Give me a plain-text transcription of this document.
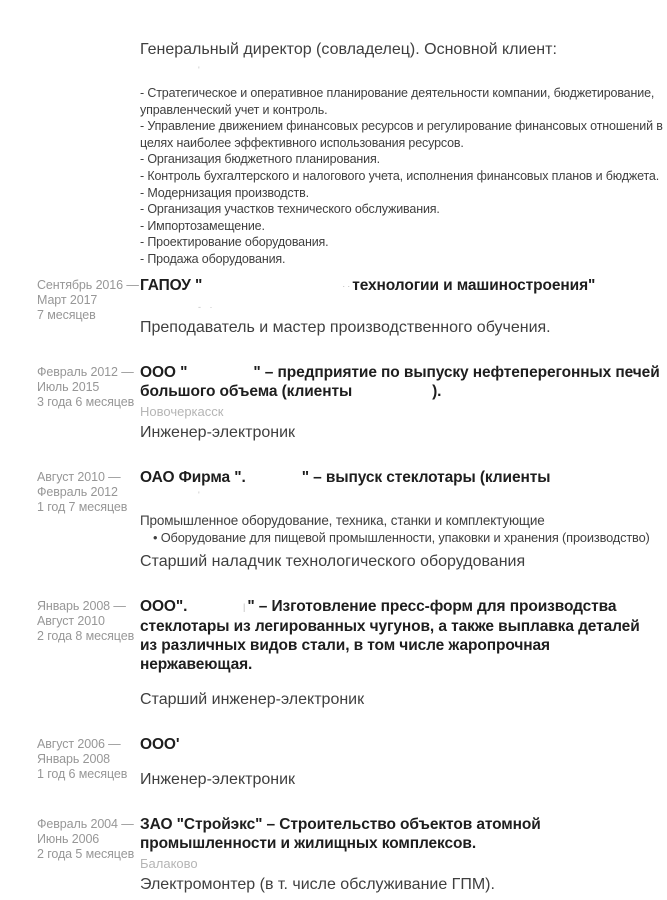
Генеральный директор (совладелец). Основной клиент:
'
- Стратегическое и оперативное планирование деятельности компании, бюджетирование,
управленческий учет и контроль.
- Управление движением финансовых ресурсов и регулирование финансовых отношений в
целях наиболее эффективного использования ресурсов.
- Организация бюджетного планирования.
- Контроль бухгалтерского и налогового учета, исполнения финансовых планов и бюджета.
- Модернизация производств.
- Организация участков технического обслуживания.
- Импортозамещение.
- Проектирование оборудования.
- Продажа оборудования.
Сентябрь 2016 —
Март 2017
7 месяцев
ГАПОУ "	··технологии и машиностроения"
- ·
Преподаватель и мастер производственного обучения.
Февраль 2012 —
Июль 2015
3 года 6 месяцев
ООО "	" – предприятие по выпуску нефтеперегонных печей
большого объема (клиенты	).
Новочеркасск
Инженер-электроник
Август 2010 —
Февраль 2012
1 год 7 месяцев
ОАО Фирма ".	" – выпуск стеклотары (клиенты
'
Промышленное оборудование, техника, станки и комплектующие
• Оборудование для пищевой промышленности, упаковки и хранения (производство)
Старший наладчик технологического оборудования
Январь 2008 —
Август 2010
2 года 8 месяцев
ООО".	|" – Изготовление пресс-форм для производства
стеклотары из легированных чугунов, а также выплавка деталей
из различных видов стали, в том числе жаропрочная
нержавеющая.
Старший инженер-электроник
Август 2006 —
Январь 2008
1 год 6 месяцев
ООО'
Инженер-электроник
Февраль 2004 —
Июнь 2006
2 года 5 месяцев
ЗАО "Стройэкс" – Строительство объектов атомной
промышленности и жилищных комплексов.
Балаково
Электромонтер (в т. числе обслуживание ГПМ).
